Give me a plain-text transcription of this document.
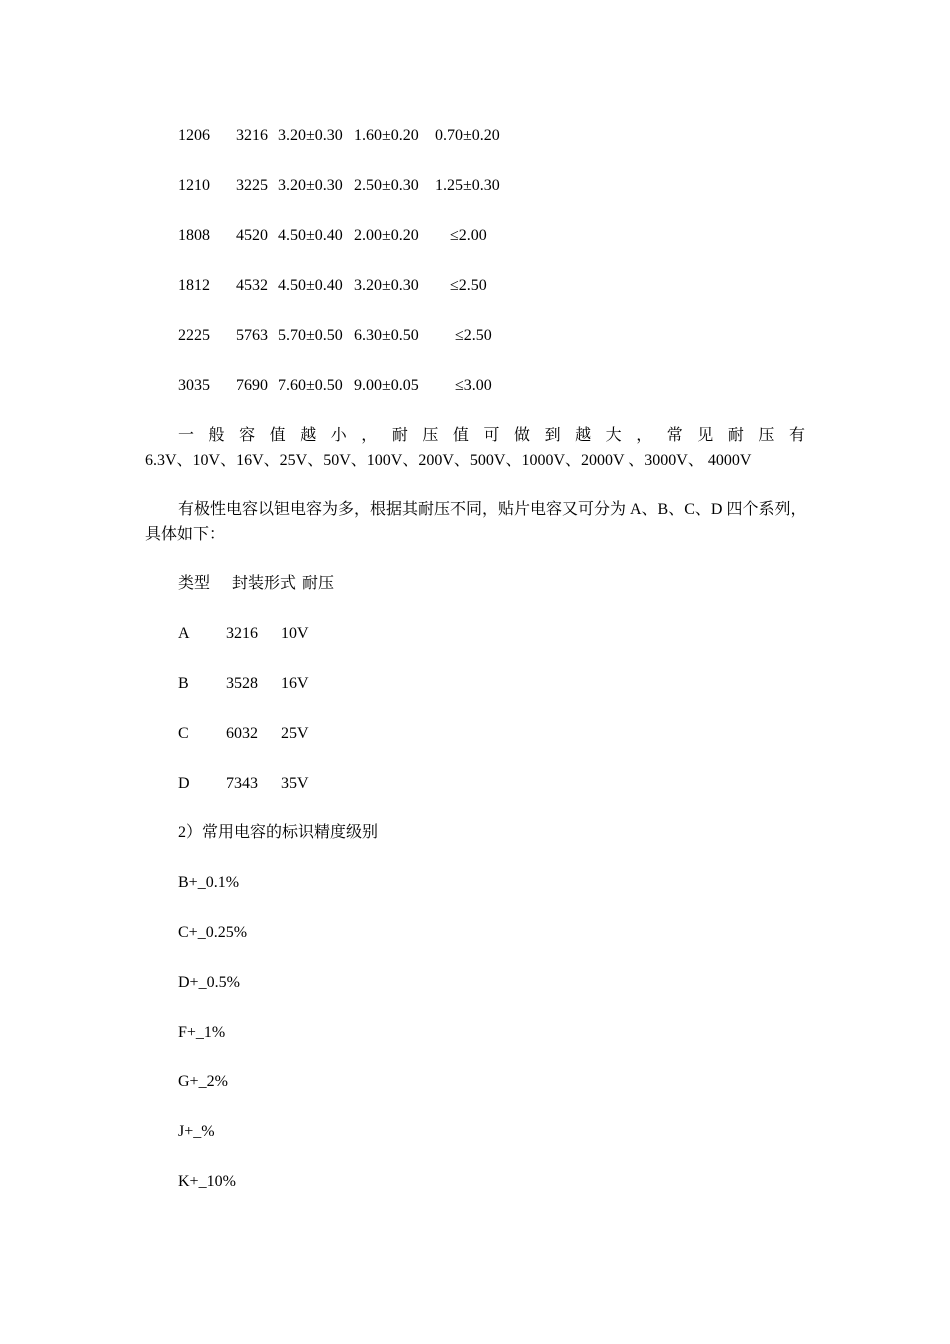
1206 3216 3.20±0.30 1.60±0.20 0.70±0.20
1210 3225 3.20±0.30 2.50±0.30 1.25±0.30
1808 4520 4.50±0.40 2.00±0.20 ≤2.00
1812 4532 4.50±0.40 3.20±0.30 ≤2.50
2225 5763 5.70±0.50 6.30±0.50 ≤2.50
3035 7690 7.60±0.50 9.00±0.05 ≤3.00
一 般 容 值 越 小 ， 耐 压 值 可 做 到 越 大 ， 常 见 耐 压 有
6.3V、10V、16V、25V、50V、100V、200V、500V、1000V、2000V 、3000V、 4000V
有极性电容以钽电容为多，根据其耐压不同，贴片电容又可分为 A、B、C、D 四个系列，
具体如下：
类型 封装形式 耐压
A 3216 10V
B 3528 16V
C 6032 25V
D 7343 35V
2）常用电容的标识精度级别
B+_0.1%
C+_0.25%
D+_0.5%
F+_1%
G+_2%
J+_%
K+_10%
